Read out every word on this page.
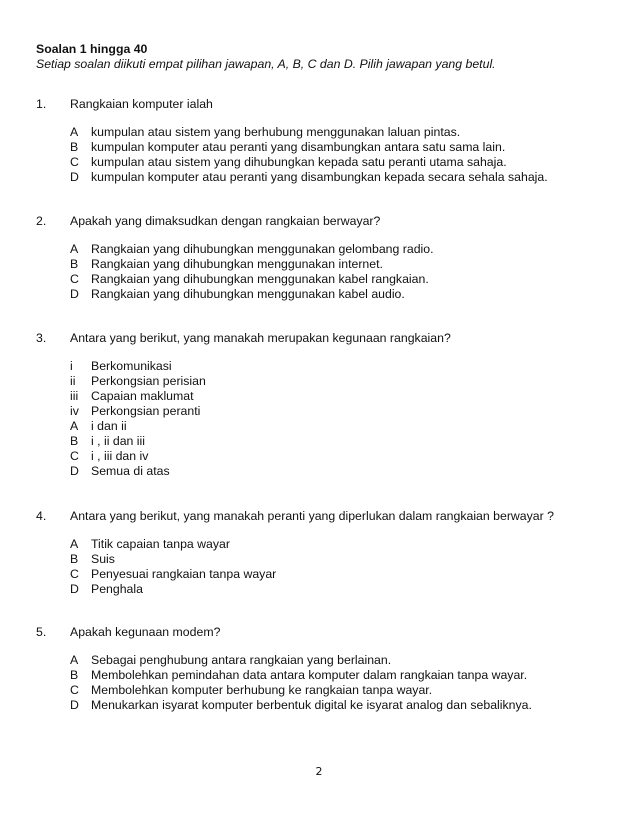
Soalan 1 hingga 40
Setiap soalan diikuti empat pilihan jawapan, A, B, C dan D. Pilih jawapan yang betul.
1.	Rangkaian komputer ialah
A	kumpulan atau sistem yang berhubung menggunakan laluan pintas.
B	kumpulan komputer atau peranti yang disambungkan antara satu sama lain.
C kumpulan atau sistem yang dihubungkan kepada satu peranti utama sahaja.
D kumpulan komputer atau peranti yang disambungkan kepada secara sehala sahaja.
2.	Apakah yang dimaksudkan dengan rangkaian berwayar?
A	Rangkaian yang dihubungkan menggunakan gelombang radio.
B	Rangkaian yang dihubungkan menggunakan internet.
C Rangkaian yang dihubungkan menggunakan kabel rangkaian.
D Rangkaian yang dihubungkan menggunakan kabel audio.
3.	Antara yang berikut, yang manakah merupakan kegunaan rangkaian?
i	Berkomunikasi
ii	Perkongsian perisian
iii	Capaian maklumat
iv Perkongsian peranti
A	i dan ii
B	i , ii dan iii
C i , iii dan iv
D Semua di atas
4.	Antara yang berikut, yang manakah peranti yang diperlukan dalam rangkaian berwayar ?
A	Titik capaian tanpa wayar
B	Suis
C Penyesuai rangkaian tanpa wayar
D Penghala
5.	Apakah kegunaan modem?
A	Sebagai penghubung antara rangkaian yang berlainan.
B	Membolehkan pemindahan data antara komputer dalam rangkaian tanpa wayar.
C Membolehkan komputer berhubung ke rangkaian tanpa wayar.
D Menukarkan isyarat komputer berbentuk digital ke isyarat analog dan sebaliknya.
2
